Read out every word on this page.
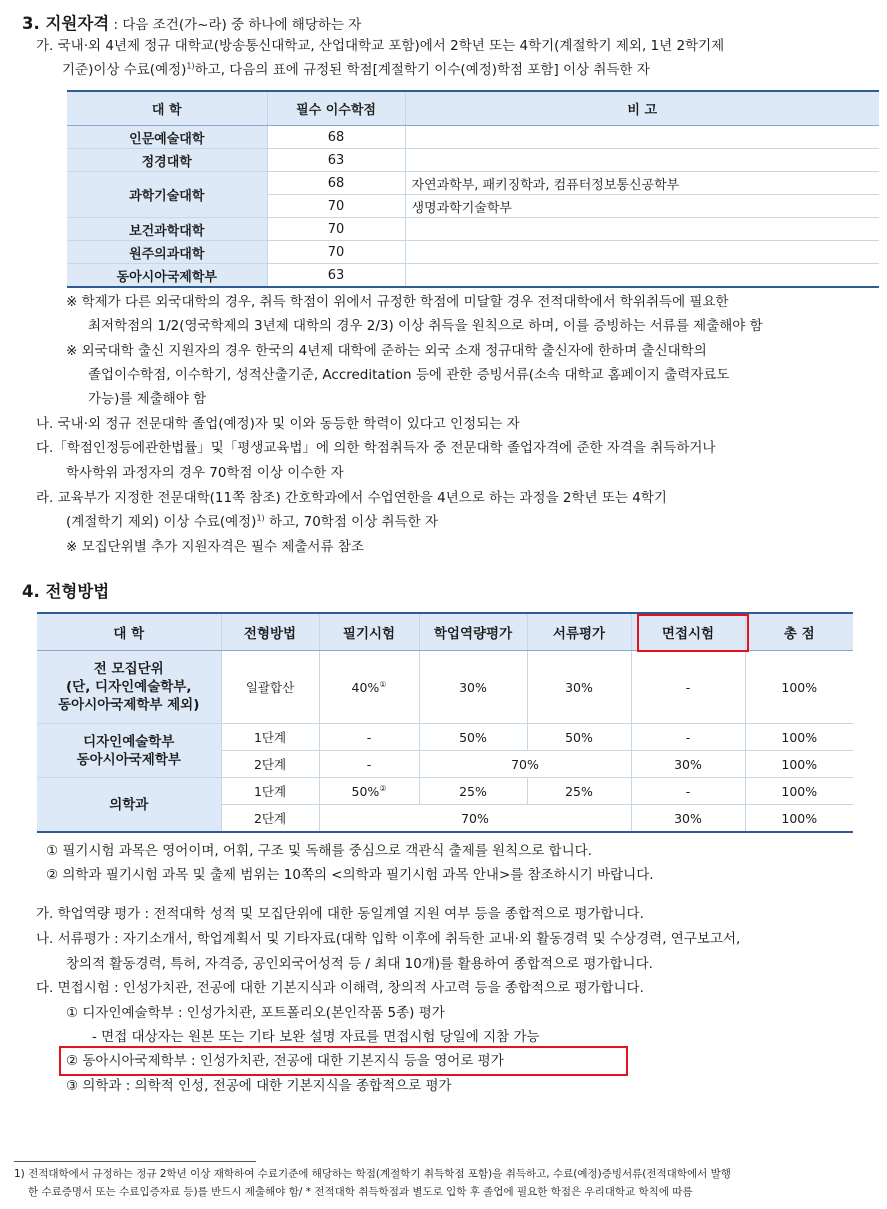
3. 지원자격 : 다음 조건(가~라) 중 하나에 해당하는 자
가. 국내·외 4년제 정규 대학교(방송통신대학교, 산업대학교 포함)에서 2학년 또는 4학기(계절학기 제외, 1년 2학기제
기준)이상 수료(예정)$^{1)}$하고, 다음의 표에 규정된 학점[계절학기 이수(예정)학점 포함] 이상 취득한 자
대 학	필수 이수학점	비 고
인문예술대학	68	
정경대학	63	
과학기술대학	68	자연과학부, 패키징학과, 컴퓨터정보통신공학부
	70	생명과학기술학부
보건과학대학	70	
원주의과대학	70	
동아시아국제학부	63	
※ 학제가 다른 외국대학의 경우, 취득 학점이 위에서 규정한 학점에 미달할 경우 전적대학에서 학위취득에 필요한
최저학점의 1/2(영국학제의 3년제 대학의 경우 2/3) 이상 취득을 원칙으로 하며, 이를 증빙하는 서류를 제출해야 함
※ 외국대학 출신 지원자의 경우 한국의 4년제 대학에 준하는 외국 소재 정규대학 출신자에 한하며 출신대학의
졸업이수학점, 이수학기, 성적산출기준, Accreditation 등에 관한 증빙서류(소속 대학교 홈페이지 출력자료도
가능)를 제출해야 함
나. 국내·외 정규 전문대학 졸업(예정)자 및 이와 동등한 학력이 있다고 인정되는 자
다.「학점인정등에관한법률」및「평생교육법」에 의한 학점취득자 중 전문대학 졸업자격에 준한 자격을 취득하거나
학사학위 과정자의 경우 70학점 이상 이수한 자
라. 교육부가 지정한 전문대학(11쪽 참조) 간호학과에서 수업연한을 4년으로 하는 과정을 2학년 또는 4학기
(계절학기 제외) 이상 수료(예정)$^{1)}$ 하고, 70학점 이상 취득한 자
※ 모집단위별 추가 지원자격은 필수 제출서류 참조
4. 전형방법
대 학	전형방법	필기시험	학업역량평가	서류평가	면접시험	총 점

전 모집단위
(단, 디자인예술학부,
동아시아국제학부 제외)	일괄합산	40%①	30%	30%	-	100%

디자인예술학부
동아시아국제학부	1단계	-	50%	50%	-	100%
	2단계	-	70%		30%	100%
의학과	1단계	50%②	25%	25%	-	100%
	2단계	70%			30%	100%
① 필기시험 과목은 영어이며, 어휘, 구조 및 독해를 중심으로 객관식 출제를 원칙으로 합니다.
② 의학과 필기시험 과목 및 출제 범위는 10쪽의 <의학과 필기시험 과목 안내>를 참조하시기 바랍니다.
가. 학업역량 평가 : 전적대학 성적 및 모집단위에 대한 동일계열 지원 여부 등을 종합적으로 평가합니다.
나. 서류평가 : 자기소개서, 학업계획서 및 기타자료(대학 입학 이후에 취득한 교내·외 활동경력 및 수상경력, 연구보고서,
창의적 활동경력, 특허, 자격증, 공인외국어성적 등 / 최대 10개)를 활용하여 종합적으로 평가합니다.
다. 면접시험 : 인성가치관, 전공에 대한 기본지식과 이해력, 창의적 사고력 등을 종합적으로 평가합니다.
① 디자인예술학부 : 인성가치관, 포트폴리오(본인작품 5종) 평가
- 면접 대상자는 원본 또는 기타 보완 설명 자료를 면접시험 당일에 지참 가능
② 동아시아국제학부 : 인성가치관, 전공에 대한 기본지식 등을 영어로 평가
③ 의학과 : 의학적 인성, 전공에 대한 기본지식을 종합적으로 평가
1) 전적대학에서 규정하는 정규 2학년 이상 재학하여 수료기준에 해당하는 학점(계절학기 취득학점 포함)을 취득하고, 수료(예정)증빙서류(전적대학에서 발행
한 수료증명서 또는 수료입증자료 등)를 반드시 제출해야 함/ * 전적대학 취득학점과 별도로 입학 후 졸업에 필요한 학점은 우리대학교 학칙에 따름
